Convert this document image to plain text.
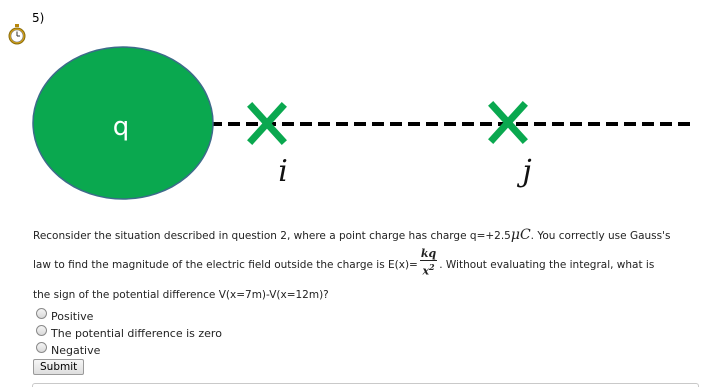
5)
q
i	j
Reconsider the situation described in question 2, where a point charge has charge q=+2.5μC. You correctly use Gauss's
law to find the magnitude of the electric field outside the charge is $E(x)= \frac{kq}{x^2}$ . Without evaluating the integral, what is
the sign of the potential difference V(x=7m)-V(x=12m)?
Positive
The potential difference is zero
Negative
Submit
